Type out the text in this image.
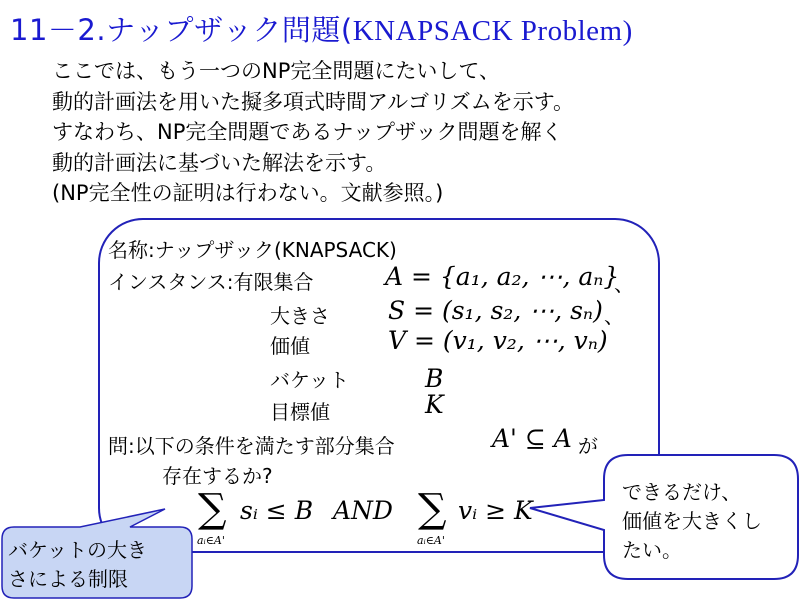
11－2.ナップザック問題(KNAPSACK Problem)
ここでは、もう一つのNP完全問題にたいして、
動的計画法を用いた擬多項式時間アルゴリズムを示す。
すなわち、NP完全問題であるナップザック問題を解く
動的計画法に基づいた解法を示す。
(NP完全性の証明は行わない。文献参照。)
名称:ナップザック(KNAPSACK)
インスタンス:有限集合	A = {a₁, a₂, ⋯, aₙ}
、
大きさ S = (s₁, s₂, ⋯, sₙ) 、
価値	V = (v₁, v₂, ⋯, vₙ)
バケット	B
目標値	K
問:以下の条件を満たす部分集合	A' ⊆ A が
存在するか?
∑
aᵢ∈A'
sᵢ ≤ B AND ∑
aᵢ∈A'
vᵢ ≥ K
バケットの大き
さによる制限
できるだけ、
価値を大きくし
たい。
